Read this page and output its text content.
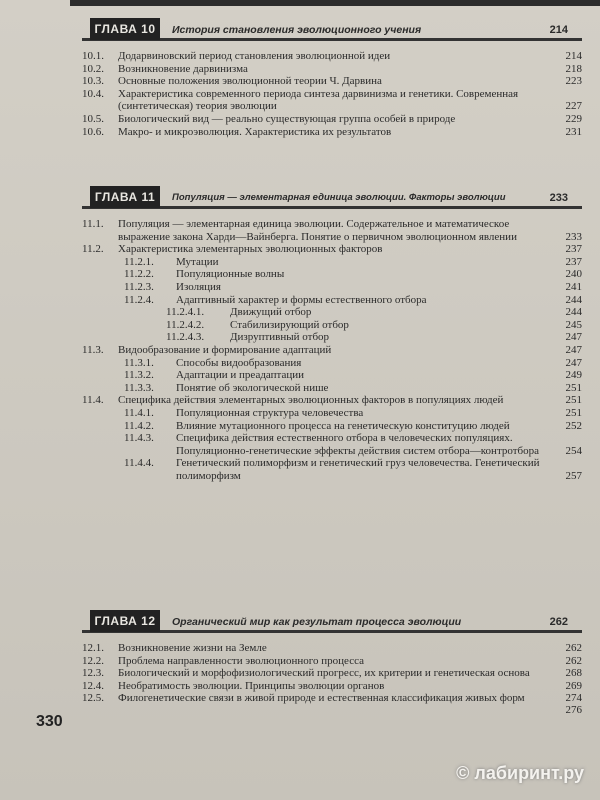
ГЛАВА 10	История становления эволюционного учения	214
10.1.	Додарвиновский период становления эволюционной идеи	214
10.2.	Возникновение дарвинизма	218
10.3.	Основные положения эволюционной теории Ч. Дарвина	223
10.4.	Характеристика современного периода синтеза дарвинизма и генетики. Современная (синтетическая) теория эволюции	227
10.5.	Биологический вид — реально существующая группа особей в природе	229
10.6.	Макро- и микроэволюция. Характеристика их результатов	231
ГЛАВА 11	Популяция — элементарная единица эволюции. Факторы эволюции	233
11.1.	Популяция — элементарная единица эволюции. Содержательное и математическое выражение закона Харди—Вайнберга. Понятие о первичном эволюционном явлении	233
11.2.	Характеристика элементарных эволюционных факторов	237
11.2.1.	Мутации	237
11.2.2.	Популяционные волны	240
11.2.3.	Изоляция	241
11.2.4.	Адаптивный характер и формы естественного отбора	244
11.2.4.1.	Движущий отбор	244
11.2.4.2.	Стабилизирующий отбор	245
11.2.4.3.	Дизруптивный отбор	247
11.3.	Видообразование и формирование адаптаций	247
11.3.1.	Способы видообразования	247
11.3.2.	Адаптации и преадаптации	249
11.3.3.	Понятие об экологической нише	251
11.4.	Специфика действия элементарных эволюционных факторов в популяциях людей	251
11.4.1.	Популяционная структура человечества	251
11.4.2.	Влияние мутационного процесса на генетическую конституцию людей	252
11.4.3.	Специфика действия естественного отбора в человеческих популяциях. Популяционно-генетические эффекты действия систем отбора—контротбора	254
11.4.4.	Генетический полиморфизм и генетический груз человечества. Генетический полиморфизм	257
ГЛАВА 12	Органический мир как результат процесса эволюции	262
12.1.	Возникновение жизни на Земле	262
12.2.	Проблема направленности эволюционного процесса	262
12.3.	Биологический и морфофизиологический прогресс, их критерии и генетическая основа	268
12.4.	Необратимость эволюции. Принципы эволюции органов	269
12.5.	Филогенетические связи в живой природе и естественная классификация живых форм	274
276
330
© лабиринт.ру
